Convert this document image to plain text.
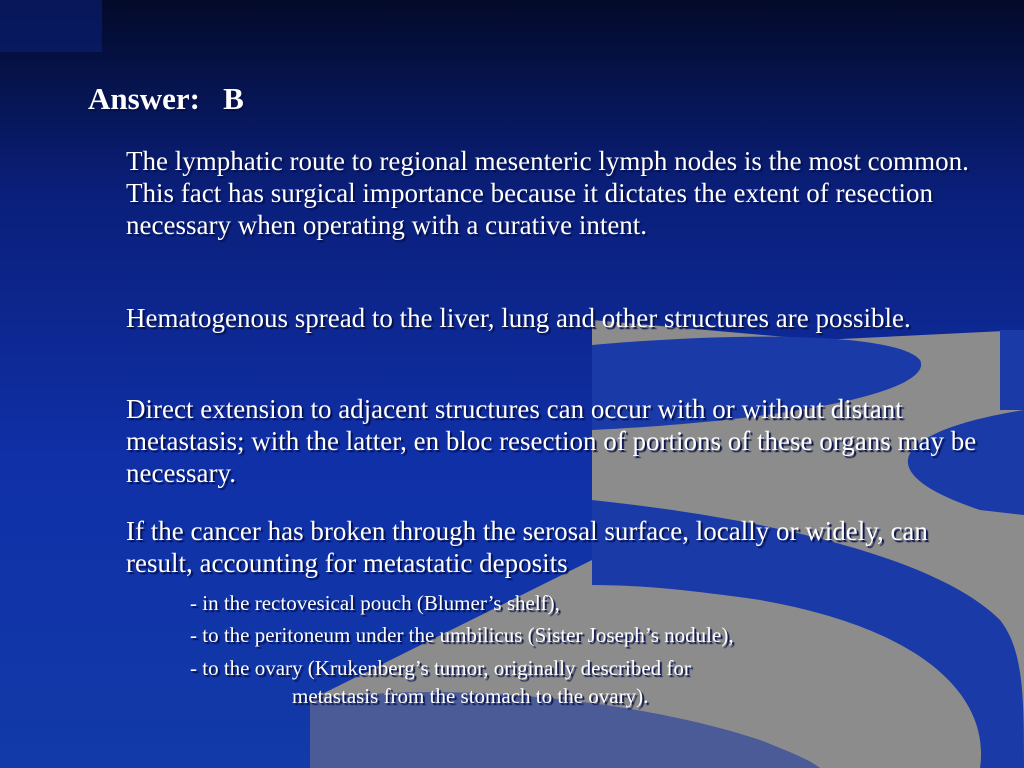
Answer:   B
The lymphatic route to regional mesenteric lymph nodes is the most common. This fact has surgical importance because it dictates the extent of resection necessary when operating with a curative intent.
Hematogenous spread to the liver, lung and other structures are possible.
Direct extension to adjacent structures can occur with or without distant metastasis; with the latter, en bloc resection of portions of these organs may be necessary.
If the cancer has broken through the serosal surface, locally or widely, can result, accounting for metastatic deposits
- in the rectovesical pouch (Blumer’s shelf),
- to the peritoneum under the umbilicus (Sister Joseph’s nodule),
- to the ovary (Krukenberg’s tumor, originally described for
metastasis from the stomach to the ovary).
